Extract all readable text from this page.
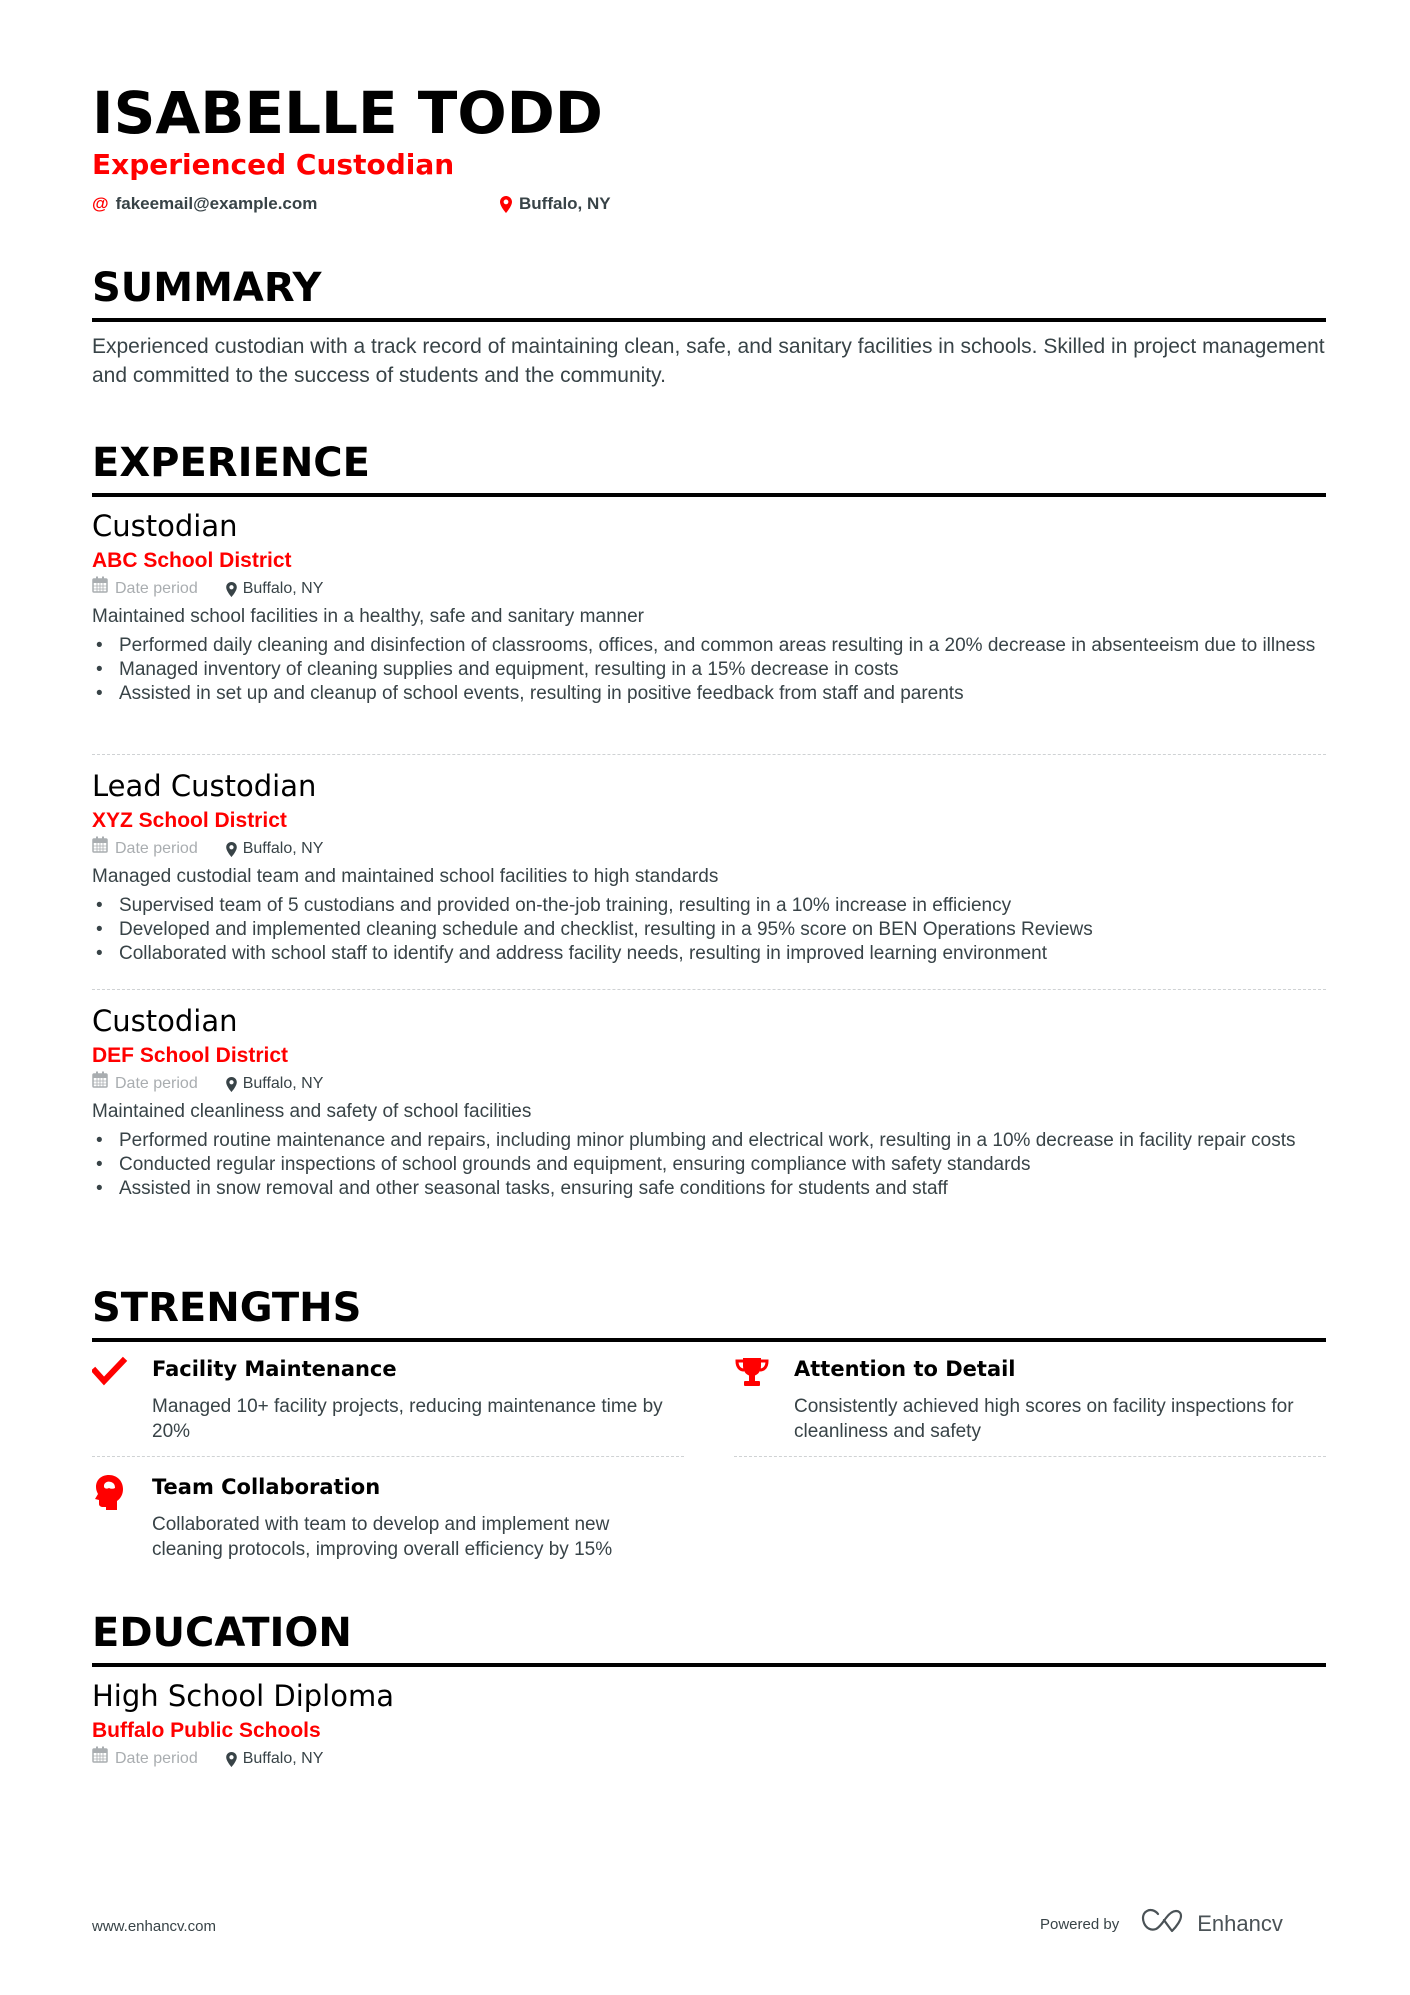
ISABELLE TODD
Experienced Custodian
@ fakeemail@example.com	Buffalo, NY
SUMMARY
Experienced custodian with a track record of maintaining clean, safe, and sanitary facilities in schools. Skilled in project management and committed to the success of students and the community.
EXPERIENCE
Custodian
ABC School District
Date period	Buffalo, NY
Maintained school facilities in a healthy, safe and sanitary manner
• Performed daily cleaning and disinfection of classrooms, offices, and common areas resulting in a 20% decrease in absenteeism due to illness
• Managed inventory of cleaning supplies and equipment, resulting in a 15% decrease in costs
• Assisted in set up and cleanup of school events, resulting in positive feedback from staff and parents
Lead Custodian
XYZ School District
Date period	Buffalo, NY
Managed custodial team and maintained school facilities to high standards
• Supervised team of 5 custodians and provided on-the-job training, resulting in a 10% increase in efficiency
• Developed and implemented cleaning schedule and checklist, resulting in a 95% score on BEN Operations Reviews
• Collaborated with school staff to identify and address facility needs, resulting in improved learning environment
Custodian
DEF School District
Date period	Buffalo, NY
Maintained cleanliness and safety of school facilities
• Performed routine maintenance and repairs, including minor plumbing and electrical work, resulting in a 10% decrease in facility repair costs
• Conducted regular inspections of school grounds and equipment, ensuring compliance with safety standards
• Assisted in snow removal and other seasonal tasks, ensuring safe conditions for students and staff
STRENGTHS
Facility Maintenance
Managed 10+ facility projects, reducing maintenance time by 20%
Attention to Detail
Consistently achieved high scores on facility inspections for cleanliness and safety
Team Collaboration
Collaborated with team to develop and implement new cleaning protocols, improving overall efficiency by 15%
EDUCATION
High School Diploma
Buffalo Public Schools
Date period	Buffalo, NY
www.enhancv.com	Powered by	Enhancv
